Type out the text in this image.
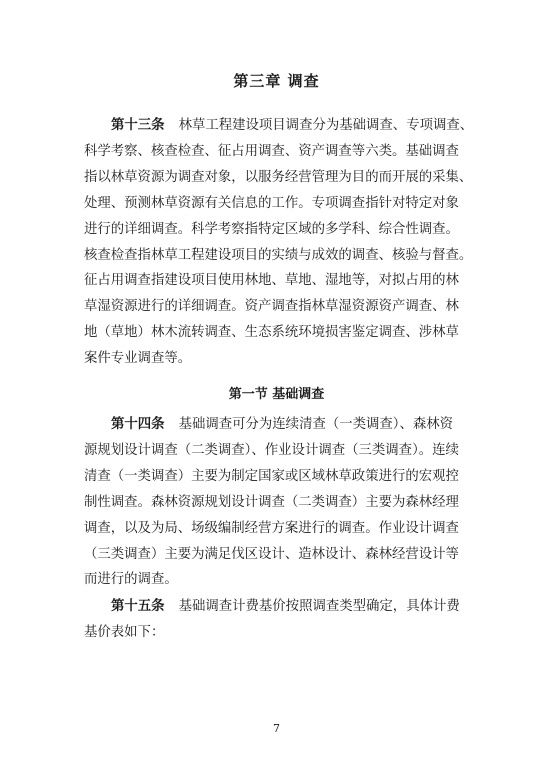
第三章 调查
第十三条 林草工程建设项目调查分为基础调查、专项调查、
科学考察、核查检查、征占用调查、资产调查等六类。基础调查
指以林草资源为调查对象，以服务经营管理为目的而开展的采集、
处理、预测林草资源有关信息的工作。专项调查指针对特定对象
进行的详细调查。科学考察指特定区域的多学科、综合性调查。
核查检查指林草工程建设项目的实绩与成效的调查、核验与督查。
征占用调查指建设项目使用林地、草地、湿地等，对拟占用的林
草湿资源进行的详细调查。资产调查指林草湿资源资产调查、林
地（草地）林木流转调查、生态系统环境损害鉴定调查、涉林草
案件专业调查等。
第一节 基础调查
第十四条 基础调查可分为连续清查（一类调查）、森林资
源规划设计调查（二类调查）、作业设计调查（三类调查）。连续
清查（一类调查）主要为制定国家或区域林草政策进行的宏观控
制性调查。森林资源规划设计调查（二类调查）主要为森林经理
调查，以及为局、场级编制经营方案进行的调查。作业设计调查
（三类调查）主要为满足伐区设计、造林设计、森林经营设计等
而进行的调查。
第十五条 基础调查计费基价按照调查类型确定，具体计费
基价表如下：
7
